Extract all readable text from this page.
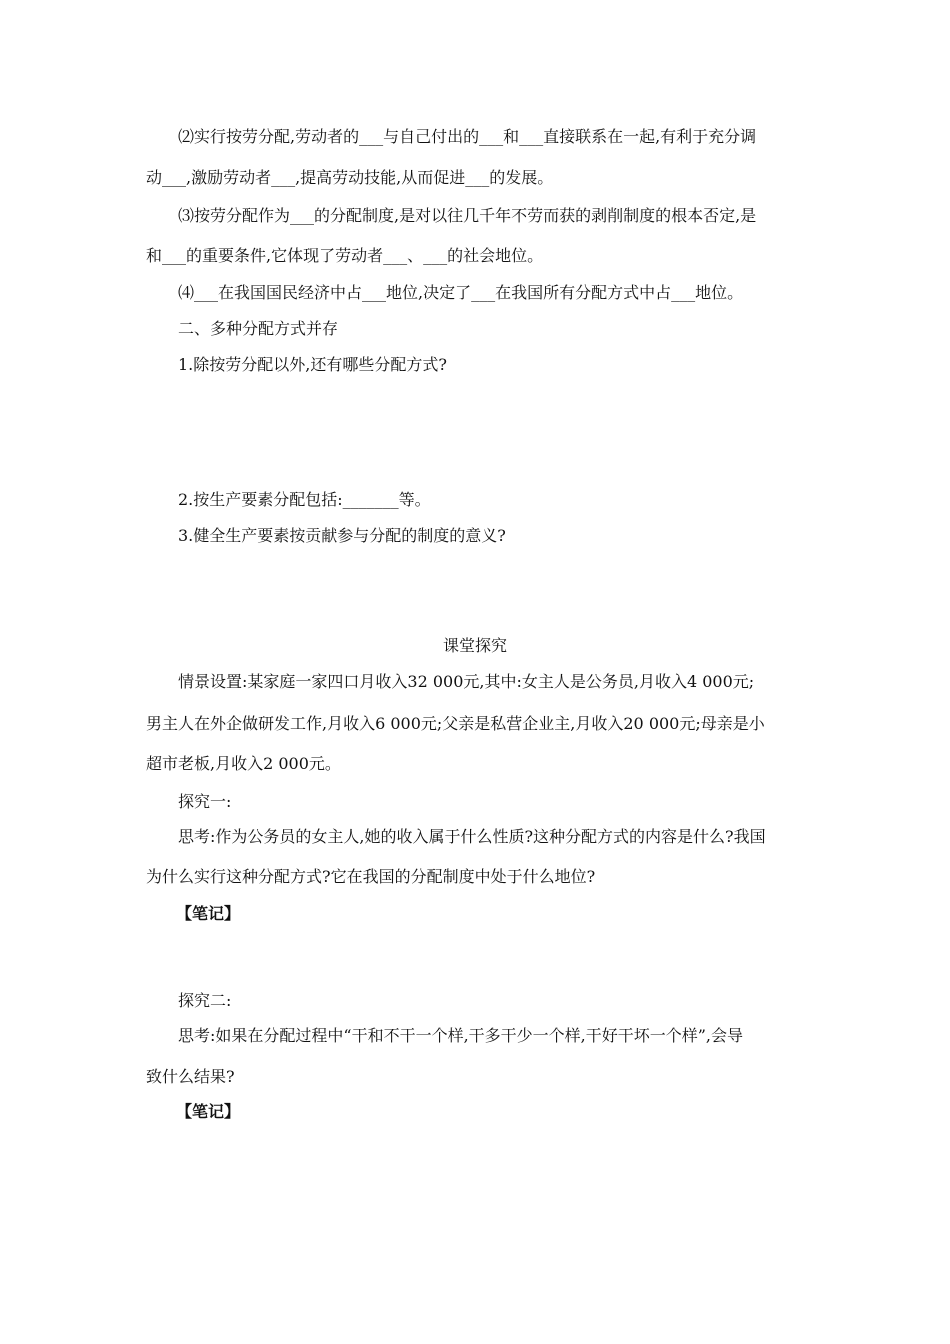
⑵实行按劳分配,劳动者的___与自己付出的___和___直接联系在一起,有利于充分调
动___,激励劳动者___,提高劳动技能,从而促进___的发展。
⑶按劳分配作为___的分配制度,是对以往几千年不劳而获的剥削制度的根本否定,是
和___的重要条件,它体现了劳动者___、___的社会地位。
⑷___在我国国民经济中占___地位,决定了___在我国所有分配方式中占___地位。
二、多种分配方式并存
1.除按劳分配以外,还有哪些分配方式?
2.按生产要素分配包括:_______等。
3.健全生产要素按贡献参与分配的制度的意义?
课堂探究
情景设置:某家庭一家四口月收入32 000元,其中:女主人是公务员,月收入4 000元;
男主人在外企做研发工作,月收入6 000元;父亲是私营企业主,月收入20 000元;母亲是小
超市老板,月收入2 000元。
探究一:
思考:作为公务员的女主人,她的收入属于什么性质?这种分配方式的内容是什么?我国
为什么实行这种分配方式?它在我国的分配制度中处于什么地位?
【笔记】
探究二:
思考:如果在分配过程中“干和不干一个样,干多干少一个样,干好干坏一个样”,会导
致什么结果?
【笔记】
